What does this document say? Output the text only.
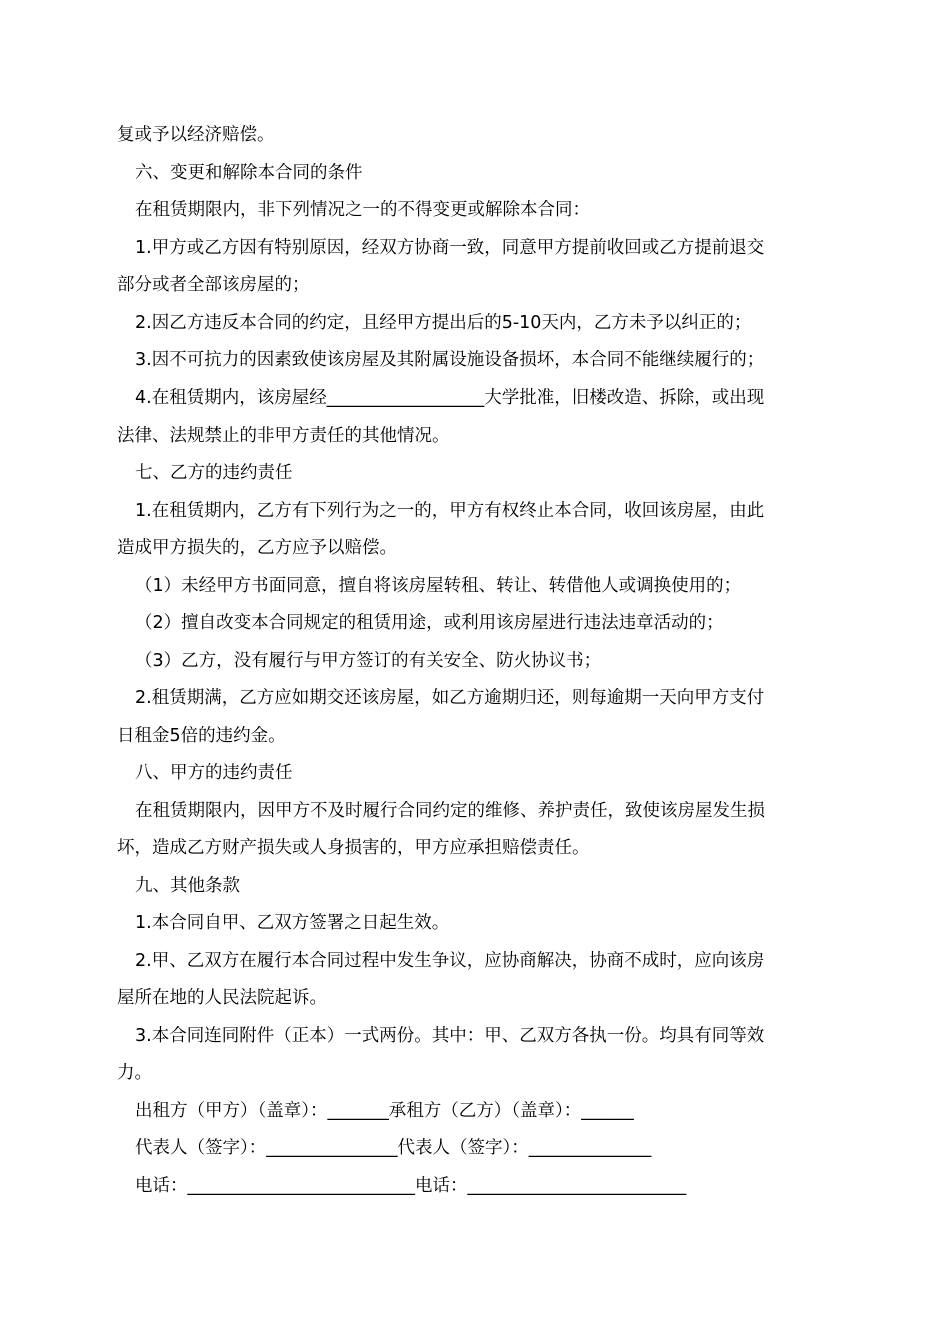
复或予以经济赔偿。
六、变更和解除本合同的条件
在租赁期限内，非下列情况之一的不得变更或解除本合同：
1.甲方或乙方因有特别原因，经双方协商一致，同意甲方提前收回或乙方提前退交
部分或者全部该房屋的；
2.因乙方违反本合同的约定，且经甲方提出后的5-10天内，乙方未予以纠正的；
3.因不可抗力的因素致使该房屋及其附属设施设备损坏，本合同不能继续履行的；
4.在租赁期内，该房屋经__________________大学批准，旧楼改造、拆除，或出现
法律、法规禁止的非甲方责任的其他情况。
七、乙方的违约责任
1.在租赁期内，乙方有下列行为之一的，甲方有权终止本合同，收回该房屋，由此
造成甲方损失的，乙方应予以赔偿。
（1）未经甲方书面同意，擅自将该房屋转租、转让、转借他人或调换使用的；
（2）擅自改变本合同规定的租赁用途，或利用该房屋进行违法违章活动的；
（3）乙方，没有履行与甲方签订的有关安全、防火协议书；
2.租赁期满，乙方应如期交还该房屋，如乙方逾期归还，则每逾期一天向甲方支付
日租金5倍的违约金。
八、甲方的违约责任
在租赁期限内，因甲方不及时履行合同约定的维修、养护责任，致使该房屋发生损
坏，造成乙方财产损失或人身损害的，甲方应承担赔偿责任。
九、其他条款
1.本合同自甲、乙双方签署之日起生效。
2.甲、乙双方在履行本合同过程中发生争议，应协商解决，协商不成时，应向该房
屋所在地的人民法院起诉。
3.本合同连同附件（正本）一式两份。其中：甲、乙双方各执一份。均具有同等效
力。
出租方（甲方）（盖章）：_______承租方（乙方）（盖章）：______
代表人（签字）：_______________代表人（签字）：______________
电话：__________________________电话：_________________________
